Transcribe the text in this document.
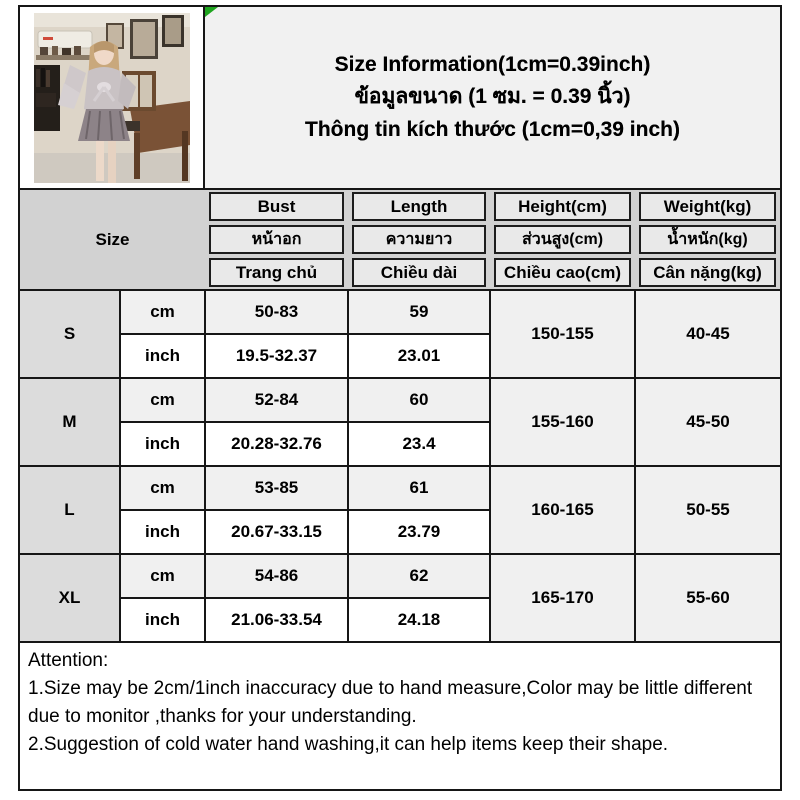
Size Information(1cm=0.39inch)
ข้อมูลขนาด (1 ซม. = 0.39 นิ้ว)
Thông tin kích thước (1cm=0,39 inch)
Size		Bust	Length	Height(cm)	Weight(kg)

หน้าอก	ความยาว	ส่วนสูง(cm)	น้ำหนัก(kg)

Trang chủ	Chiều dài	Chiều cao(cm)	Cân nặng(kg)

S	cm	50-83	59	150-155	40-45
	inch	19.5-32.37	23.01		
M	cm	52-84	60	155-160	45-50
	inch	20.28-32.76	23.4		
L	cm	53-85	61	160-165	50-55
	inch	20.67-33.15	23.79		
XL	cm	54-86	62	165-170	55-60
	inch	21.06-33.54	24.18		

Attention:

1.Size may be 2cm/1inch inaccuracy due to hand measure,Color may be little different due to monitor ,thanks for your understanding.

2.Suggestion of cold water hand washing,it can help items keep their shape.
